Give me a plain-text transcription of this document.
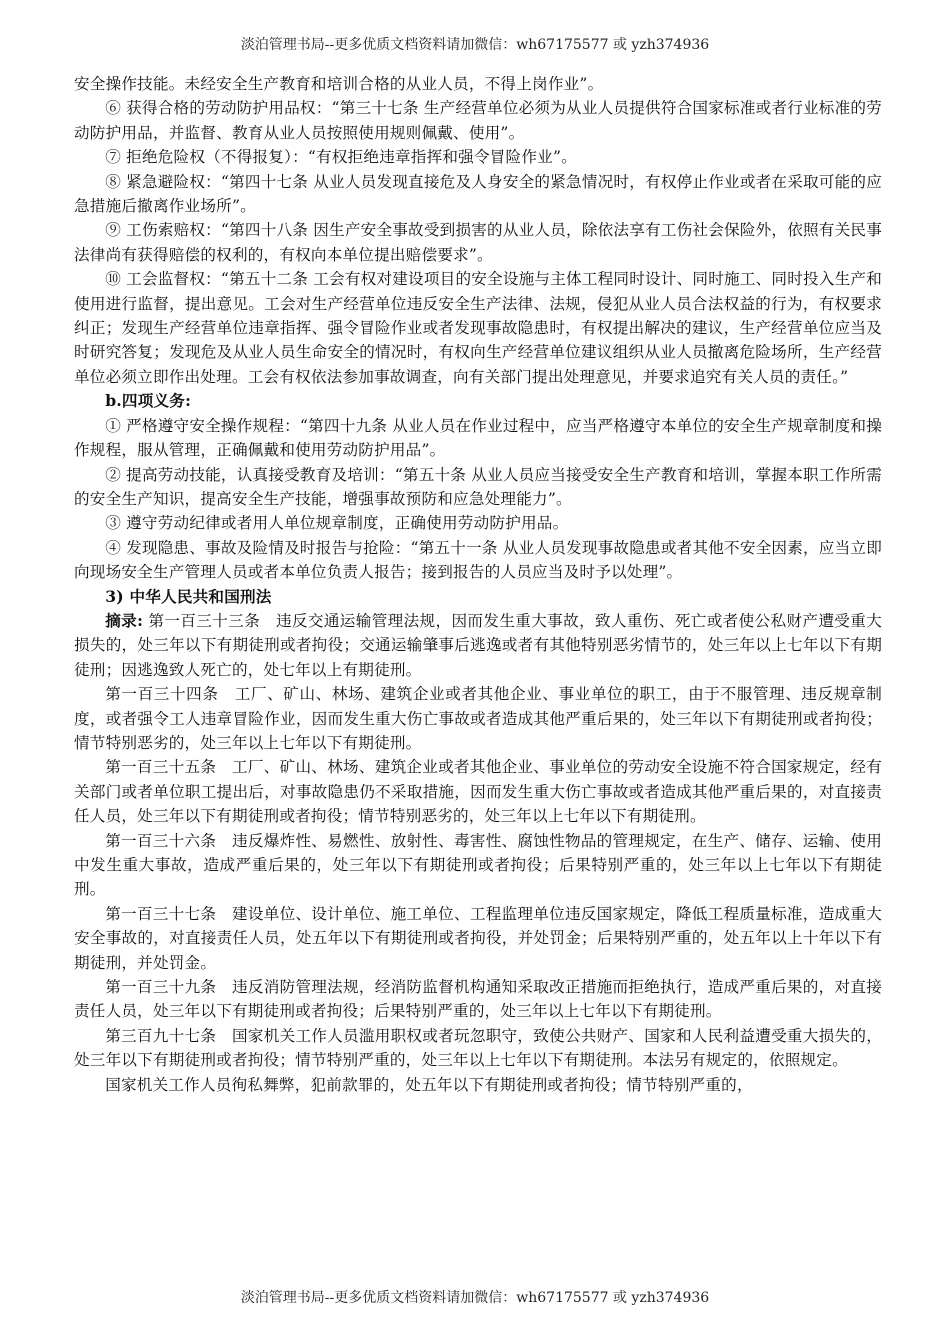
淡泊管理书局--更多优质文档资料请加微信：wh67175577 或 yzh374936

安全操作技能。未经安全生产教育和培训合格的从业人员，不得上岗作业”。

⑥ 获得合格的劳动防护用品权：“第三十七条 生产经营单位必须为从业人员提供符合国家标准或者行业标准的劳动防护用品，并监督、教育从业人员按照使用规则佩戴、使用”。

⑦ 拒绝危险权（不得报复）：“有权拒绝违章指挥和强令冒险作业”。

⑧ 紧急避险权：“第四十七条 从业人员发现直接危及人身安全的紧急情况时，有权停止作业或者在采取可能的应急措施后撤离作业场所”。

⑨ 工伤索赔权：“第四十八条 因生产安全事故受到损害的从业人员，除依法享有工伤社会保险外，依照有关民事法律尚有获得赔偿的权利的，有权向本单位提出赔偿要求”。

⑩ 工会监督权：“第五十二条 工会有权对建设项目的安全设施与主体工程同时设计、同时施工、同时投入生产和使用进行监督，提出意见。工会对生产经营单位违反安全生产法律、法规，侵犯从业人员合法权益的行为，有权要求纠正；发现生产经营单位违章指挥、强令冒险作业或者发现事故隐患时，有权提出解决的建议，生产经营单位应当及时研究答复；发现危及从业人员生命安全的情况时，有权向生产经营单位建议组织从业人员撤离危险场所，生产经营单位必须立即作出处理。工会有权依法参加事故调查，向有关部门提出处理意见，并要求追究有关人员的责任。”

b.四项义务:

① 严格遵守安全操作规程：“第四十九条 从业人员在作业过程中，应当严格遵守本单位的安全生产规章制度和操作规程，服从管理，正确佩戴和使用劳动防护用品”。

② 提高劳动技能，认真接受教育及培训：“第五十条 从业人员应当接受安全生产教育和培训，掌握本职工作所需的安全生产知识，提高安全生产技能，增强事故预防和应急处理能力”。

③ 遵守劳动纪律或者用人单位规章制度，正确使用劳动防护用品。

④ 发现隐患、事故及险情及时报告与抢险：“第五十一条 从业人员发现事故隐患或者其他不安全因素，应当立即向现场安全生产管理人员或者本单位负责人报告；接到报告的人员应当及时予以处理”。

3) 中华人民共和国刑法

摘录: 第一百三十三条　违反交通运输管理法规，因而发生重大事故，致人重伤、死亡或者使公私财产遭受重大损失的，处三年以下有期徒刑或者拘役；交通运输肇事后逃逸或者有其他特别恶劣情节的，处三年以上七年以下有期徒刑；因逃逸致人死亡的，处七年以上有期徒刑。

第一百三十四条　工厂、矿山、林场、建筑企业或者其他企业、事业单位的职工，由于不服管理、违反规章制度，或者强令工人违章冒险作业，因而发生重大伤亡事故或者造成其他严重后果的，处三年以下有期徒刑或者拘役；情节特别恶劣的，处三年以上七年以下有期徒刑。

第一百三十五条　工厂、矿山、林场、建筑企业或者其他企业、事业单位的劳动安全设施不符合国家规定，经有关部门或者单位职工提出后，对事故隐患仍不采取措施，因而发生重大伤亡事故或者造成其他严重后果的，对直接责任人员，处三年以下有期徒刑或者拘役；情节特别恶劣的，处三年以上七年以下有期徒刑。

第一百三十六条　违反爆炸性、易燃性、放射性、毒害性、腐蚀性物品的管理规定，在生产、储存、运输、使用中发生重大事故，造成严重后果的，处三年以下有期徒刑或者拘役；后果特别严重的，处三年以上七年以下有期徒刑。

第一百三十七条　建设单位、设计单位、施工单位、工程监理单位违反国家规定，降低工程质量标准，造成重大安全事故的，对直接责任人员，处五年以下有期徒刑或者拘役，并处罚金；后果特别严重的，处五年以上十年以下有期徒刑，并处罚金。

第一百三十九条　违反消防管理法规，经消防监督机构通知采取改正措施而拒绝执行，造成严重后果的，对直接责任人员，处三年以下有期徒刑或者拘役；后果特别严重的，处三年以上七年以下有期徒刑。

第三百九十七条　国家机关工作人员滥用职权或者玩忽职守，致使公共财产、国家和人民利益遭受重大损失的，处三年以下有期徒刑或者拘役；情节特别严重的，处三年以上七年以下有期徒刑。本法另有规定的，依照规定。

国家机关工作人员徇私舞弊，犯前款罪的，处五年以下有期徒刑或者拘役；情节特别严重的，

淡泊管理书局--更多优质文档资料请加微信：wh67175577 或 yzh374936
